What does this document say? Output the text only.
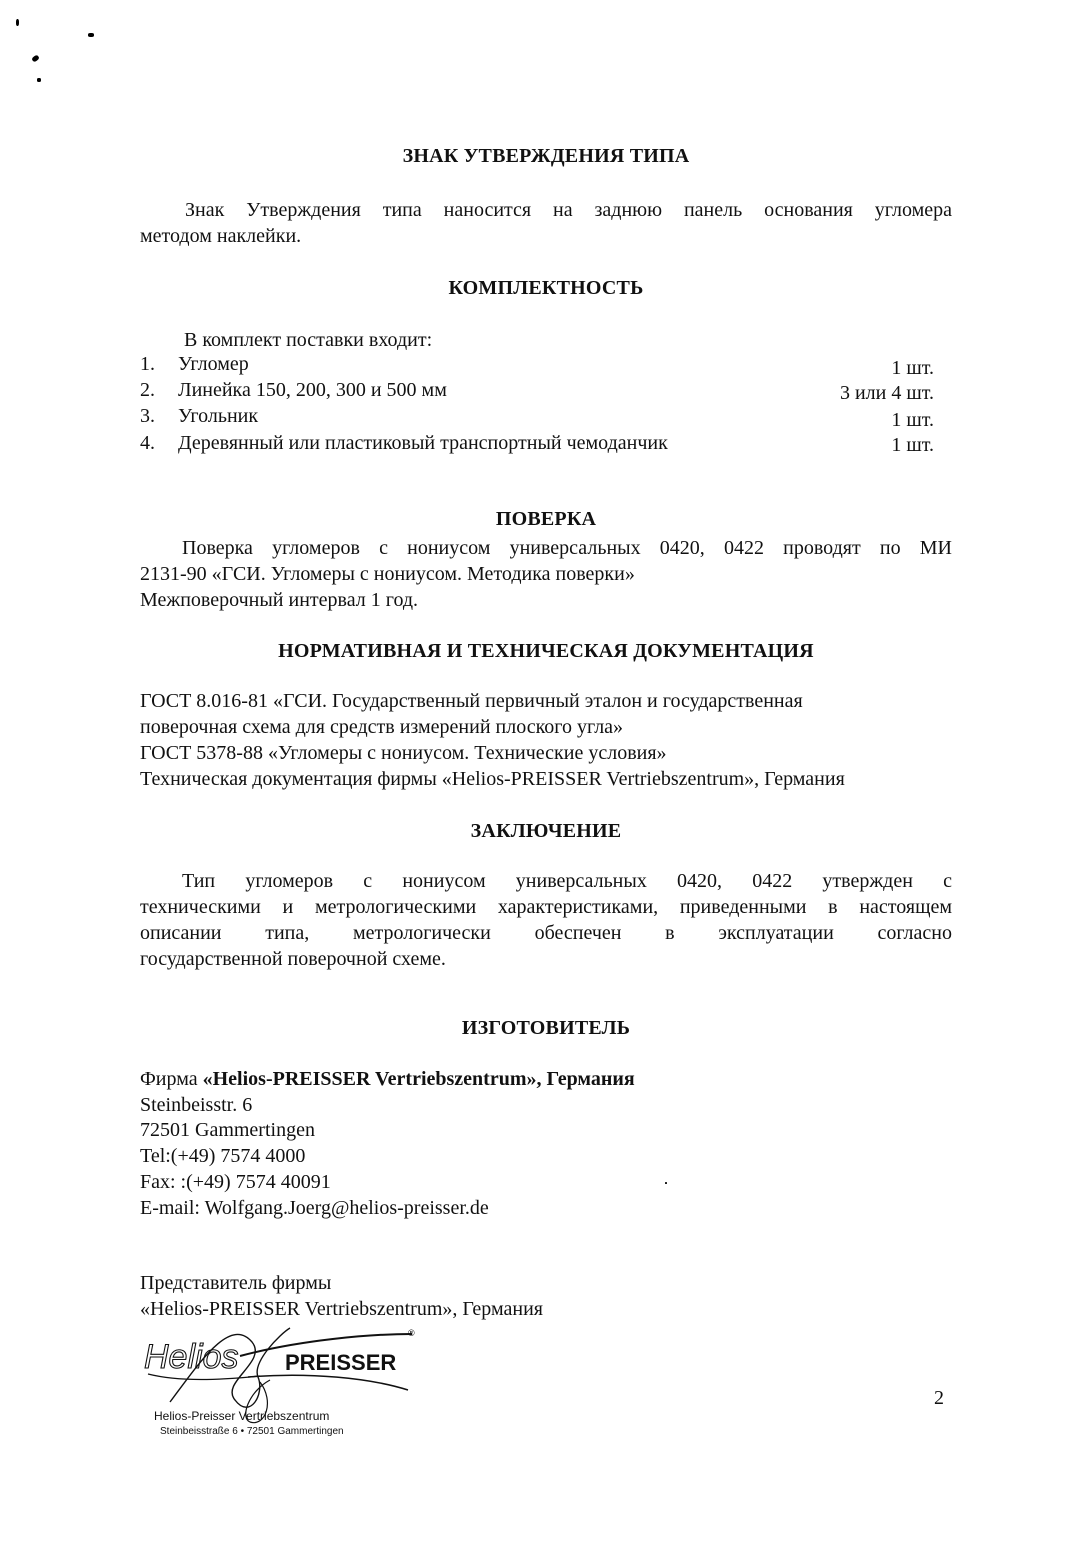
ЗНАК УТВЕРЖДЕНИЯ ТИПА
Знак Утверждения типа наносится на заднюю панель основания угломера
методом наклейки.
КОМПЛЕКТНОСТЬ
В комплект поставки входит:
1. Угломер	1 шт.
2. Линейка 150, 200, 300 и 500 мм	3 или 4 шт.
3. Угольник	1 шт.
4. Деревянный или пластиковый транспортный чемоданчик	1 шт.
ПОВЕРКА
Поверка угломеров с нониусом универсальных 0420, 0422 проводят по МИ
2131-90 «ГСИ. Угломеры с нониусом. Методика поверки»
Межповерочный интервал 1 год.
НОРМАТИВНАЯ И ТЕХНИЧЕСКАЯ ДОКУМЕНТАЦИЯ
ГОСТ 8.016-81 «ГСИ. Государственный первичный эталон и государственная
поверочная схема для средств измерений плоского угла»
ГОСТ 5378-88 «Угломеры с нониусом. Технические условия»
Техническая документация фирмы «Helios-PREISSER Vertriebszentrum», Германия
ЗАКЛЮЧЕНИЕ
Тип угломеров с нониусом универсальных 0420, 0422 утвержден с
техническими и метрологическими характеристиками, приведенными в настоящем
описании типа, метрологически обеспечен в эксплуатации согласно
государственной поверочной схеме.
ИЗГОТОВИТЕЛЬ
Фирма «Helios-PREISSER Vertriebszentrum», Германия
Steinbeisstr. 6
72501 Gammertingen
Tel:(+49) 7574 4000
Fax: :(+49) 7574 40091
E-mail: Wolfgang.Joerg@helios-preisser.de
Представитель фирмы
«Helios-PREISSER Vertriebszentrum», Германия
Helios PREISSER
®
Helios-Preisser Vertriebszentrum
Steinbeisstraße 6 • 72501 Gammertingen
2
